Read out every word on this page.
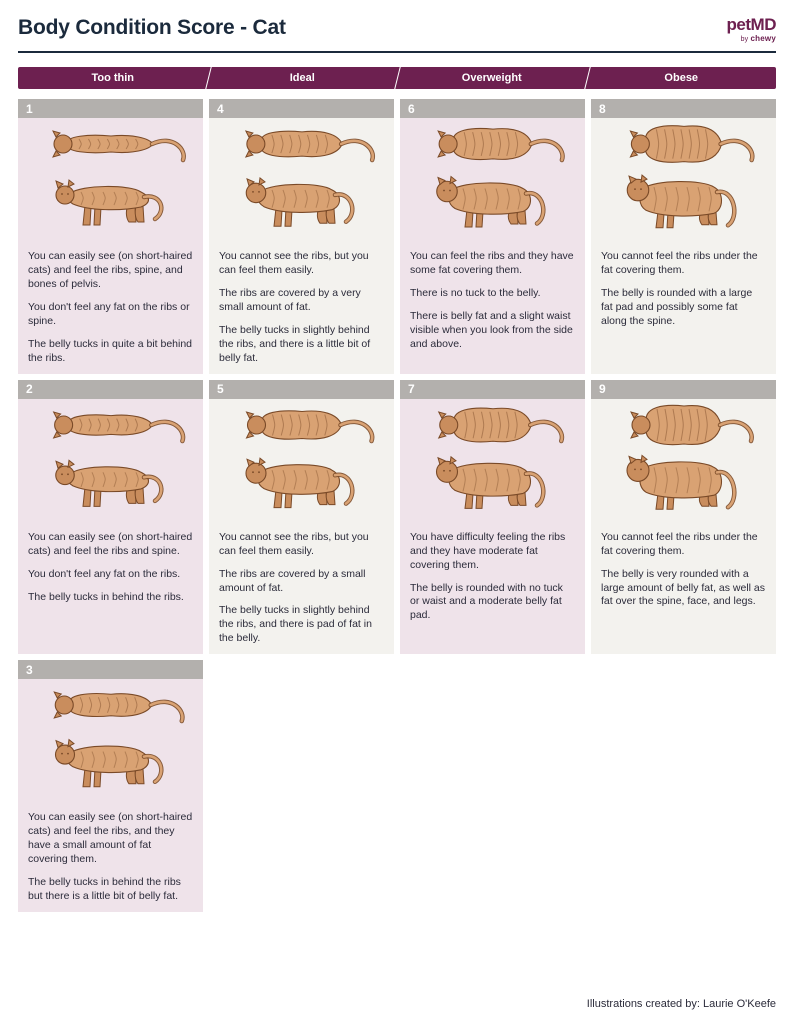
Body Condition Score - Cat	petMD
by chewy
Too thin	Ideal	Overweight	Obese
1

You can easily see (on short-haired cats) and feel the ribs, spine, and bones of pelvis.

You don't feel any fat on the ribs or spine.

The belly tucks in quite a bit behind the ribs.

4

You cannot see the ribs, but you can feel them easily.

The ribs are covered by a very small amount of fat.

The belly tucks in slightly behind the ribs, and there is a little bit of belly fat.

6

You can feel the ribs and they have some fat covering them.

There is no tuck to the belly.

There is belly fat and a slight waist visible when you look from the side and above.

8

You cannot feel the ribs under the fat covering them.

The belly is rounded with a large fat pad and possibly some fat along the spine.

2

You can easily see (on short-haired cats) and feel the ribs and spine.

You don't feel any fat on the ribs.

The belly tucks in behind the ribs.

5

You cannot see the ribs, but you can feel them easily.

The ribs are covered by a small amount of fat.

The belly tucks in slightly behind the ribs, and there is pad of fat in the belly.

7

You have difficulty feeling the ribs and they have moderate fat covering them.

The belly is rounded with no tuck or waist and a moderate belly fat pad.

9

You cannot feel the ribs under the fat covering them.

The belly is very rounded with a large amount of belly fat, as well as fat over the spine, face, and legs.

3

You can easily see (on short-haired cats) and feel the ribs, and they have a small amount of fat covering them.

The belly tucks in behind the ribs but there is a little bit of belly fat.

Illustrations created by: Laurie O'Keefe
